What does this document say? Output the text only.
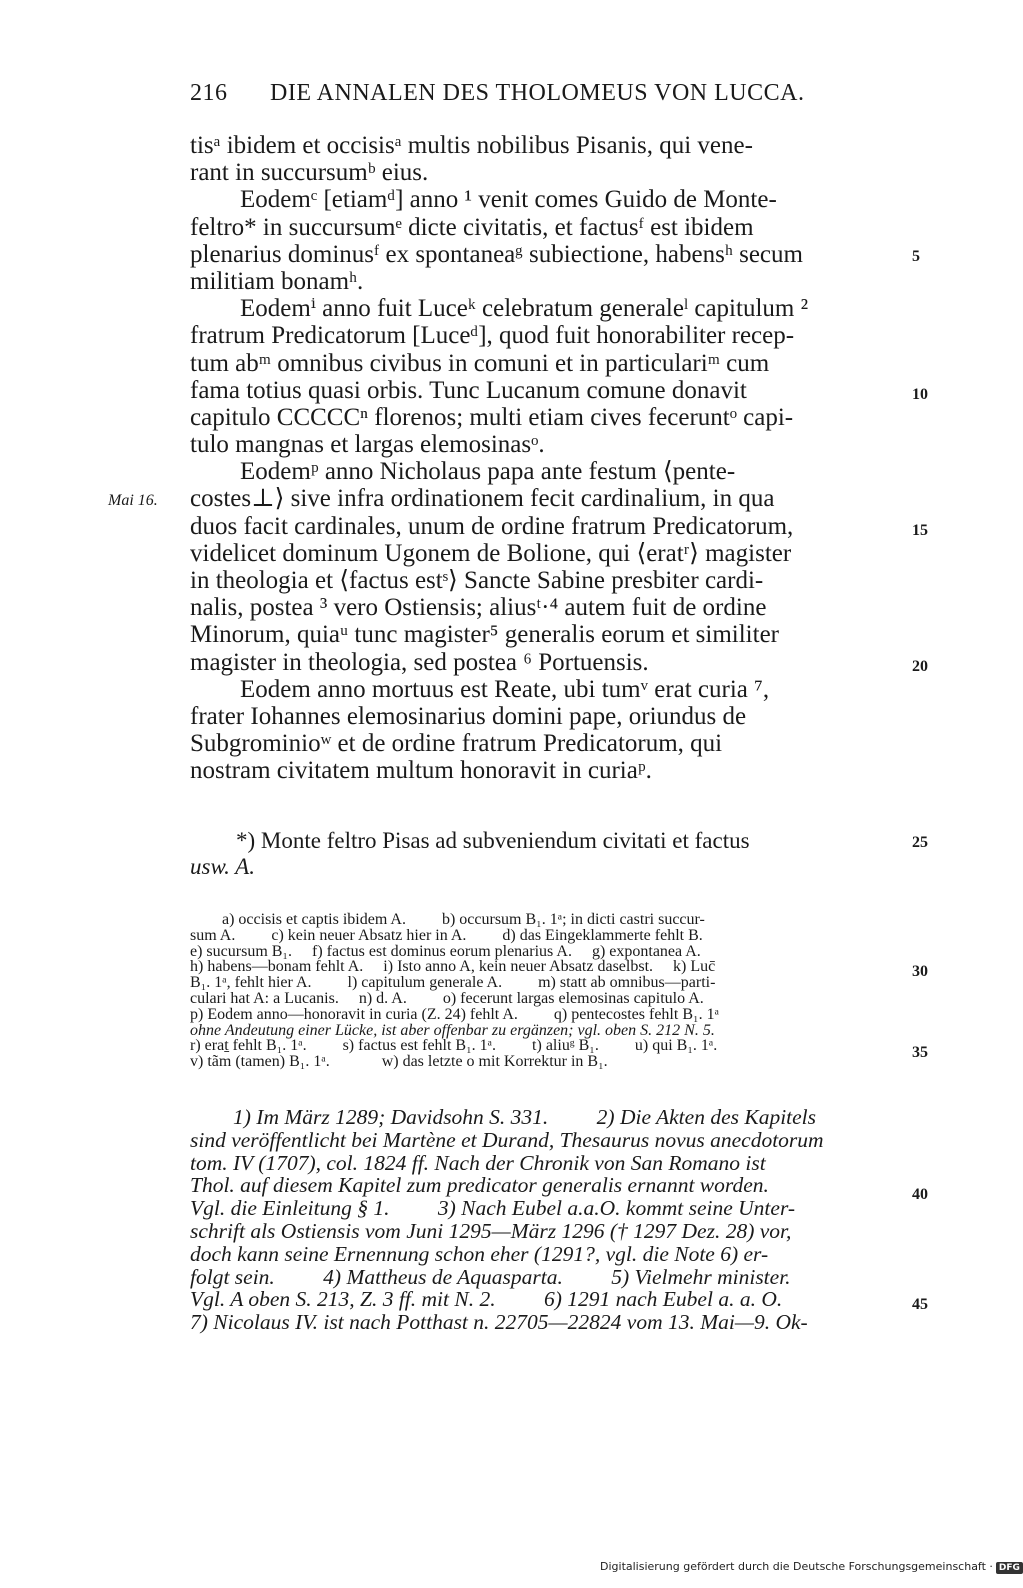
216 DIE ANNALEN DES THOLOMEUS VON LUCCA.
Mai 16.
tisᵃ ibidem et occisisᵃ multis nobilibus Pisanis, qui vene-
rant in succursumᵇ eius.
  Eodemᶜ [etiamᵈ] anno ¹ venit comes Guido de Monte-
feltro* in succursumᵉ dicte civitatis, et factusᶠ est ibidem
plenarius dominusᶠ ex spontaneaᵍ subiectione, habensʰ secum
militiam bonamʰ.
  Eodemⁱ anno fuit Luceᵏ celebratum generaleˡ capitulum ²
fratrum Predicatorum [Luceᵈ], quod fuit honorabiliter recep-
tum abᵐ omnibus civibus in comuni et in particulariᵐ cum
fama totius quasi orbis. Tunc Lucanum comune donavit
capitulo CCCCCⁿ florenos; multi etiam cives feceruntᵒ capi-
tulo mangnas et largas elemosinasᵒ.
  Eodemᵖ anno Nicholaus papa ante festum ⟨pente-
costes⊥⟩ sive infra ordinationem fecit cardinalium, in qua
duos facit cardinales, unum de ordine fratrum Predicatorum,
videlicet dominum Ugonem de Bolione, qui ⟨eratʳ⟩ magister
in theologia et ⟨factus estˢ⟩ Sancte Sabine presbiter cardi-
nalis, postea ³ vero Ostiensis; aliusᵗ·⁴ autem fuit de ordine
Minorum, quiaᵘ tunc magister⁵ generalis eorum et similiter
magister in theologia, sed postea ⁶ Portuensis.
  Eodem anno mortuus est Reate, ubi tumᵛ erat curia ⁷,
frater Iohannes elemosinarius domini pape, oriundus de
Subgrominioʷ et de ordine fratrum Predicatorum, qui
nostram civitatem multum honoravit in curiaᵖ.
5
10
15
20
25
30
35
40
45
  *) Monte feltro Pisas ad subveniendum civitati et factus
usw. A.
  a) occisis et captis ibidem A.   b) occursum B₁. 1ᵃ; in dicti castri succur-
sum A.   c) kein neuer Absatz hier in A.   d) das Eingeklammerte fehlt B.
e) sucursum B₁.  f) factus est dominus eorum plenarius A.  g) expontanea A.
h) habens—bonam fehlt A.  i) Isto anno A, kein neuer Absatz daselbst.  k) Luc̄
B₁. 1ᵃ, fehlt hier A.   l) capitulum generale A.   m) statt ab omnibus—parti-
culari hat A: a Lucanis.  n) d. A.   o) fecerunt largas elemosinas capitulo A.
p) Eodem anno—honoravit in curia (Z. 24) fehlt A.   q) pentecostes fehlt B₁. 1ᵃ
ohne Andeutung einer Lücke, ist aber offenbar zu ergänzen; vgl. oben S. 212 N. 5.
r) eraṯ fehlt B₁. 1ᵃ.   s) factus est fehlt B₁. 1ᵃ.   t) aliuᵍ B₁.   u) qui B₁. 1ᵃ.
v) tãm (tamen) B₁. 1ᵃ.    w) das letzte o mit Korrektur in B₁.
  1) Im März 1289; Davidsohn S. 331.   2) Die Akten des Kapitels
sind veröffentlicht bei Martène et Durand, Thesaurus novus anecdotorum
tom. IV (1707), col. 1824 ff. Nach der Chronik von San Romano ist
Thol. auf diesem Kapitel zum predicator generalis ernannt worden.
Vgl. die Einleitung § 1.   3) Nach Eubel a.a.O. kommt seine Unter-
schrift als Ostiensis vom Juni 1295—März 1296 († 1297 Dez. 28) vor,
doch kann seine Ernennung schon eher (1291?, vgl. die Note 6) er-
folgt sein.   4) Mattheus de Aquasparta.   5) Vielmehr minister.
Vgl. A oben S. 213, Z. 3 ff. mit N. 2.   6) 1291 nach Eubel a. a. O.
7) Nicolaus IV. ist nach Potthast n. 22705—22824 vom 13. Mai—9. Ok-
Digitalisierung gefördert durch die Deutsche Forschungsgemeinschaft · DFG
